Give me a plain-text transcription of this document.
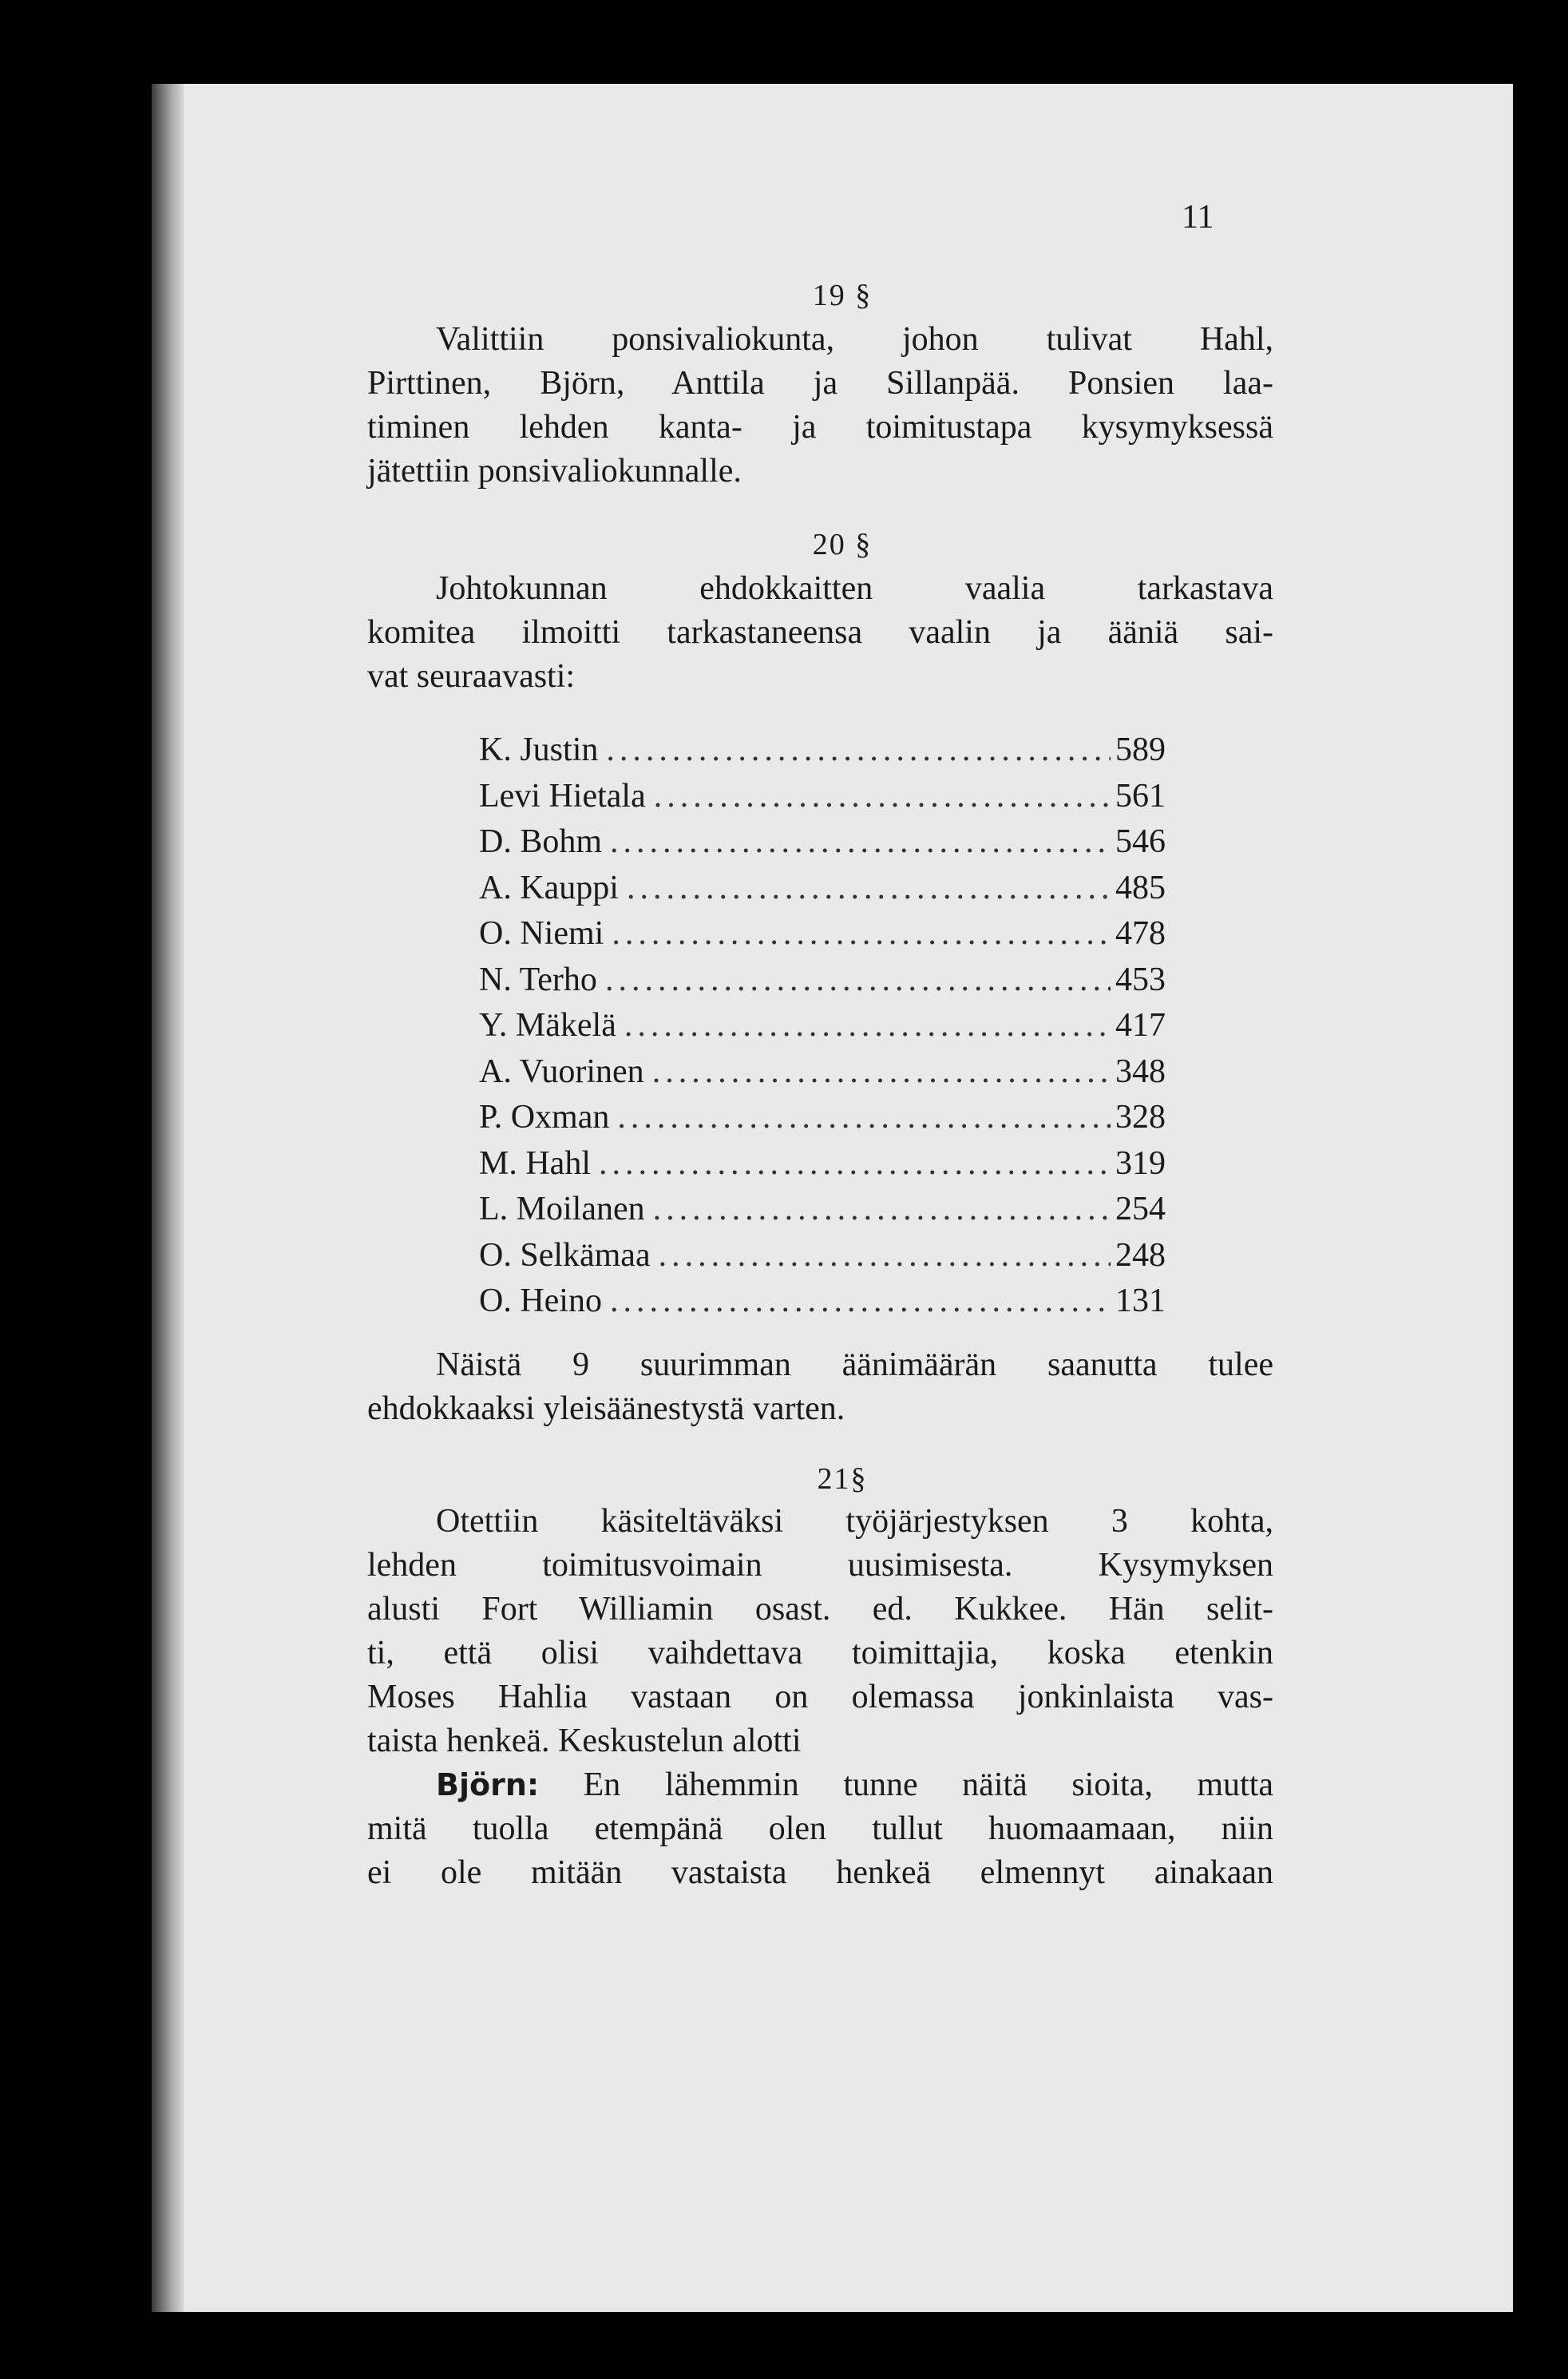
11
19 §
Valittiin ponsivaliokunta, johon tulivat Hahl,
Pirttinen, Björn, Anttila ja Sillanpää. Ponsien laa-
timinen lehden kanta- ja toimitustapa kysymyksessä
jätettiin ponsivaliokunnalle.
20 §
Johtokunnan ehdokkaitten vaalia tarkastava
komitea ilmoitti tarkastaneensa vaalin ja ääniä sai-
vat seuraavasti:
K. Justin .....	589
Levi Hietala .....	561
D. Bohm .....	546
A. Kauppi .....	485
O. Niemi .....	478
N. Terho .....	453
Y. Mäkelä .....	417
A. Vuorinen .....	348
P. Oxman .....	328
M. Hahl .....	319
L. Moilanen .....	254
O. Selkämaa .....	248
O. Heino .....	131
Näistä 9 suurimman äänimäärän saanutta tulee
ehdokkaaksi yleisäänestystä varten.
21§
Otettiin käsiteltäväksi työjärjestyksen 3 kohta,
lehden toimitusvoimain uusimisesta. Kysymyksen
alusti Fort Williamin osast. ed. Kukkee. Hän selit-
ti, että olisi vaihdettava toimittajia, koska etenkin
Moses Hahlia vastaan on olemassa jonkinlaista vas-
taista henkeä. Keskustelun alotti
Björn: En lähemmin tunne näitä sioita, mutta
mitä tuolla etempänä olen tullut huomaamaan, niin
ei ole mitään vastaista henkeä elmennyt ainakaan
